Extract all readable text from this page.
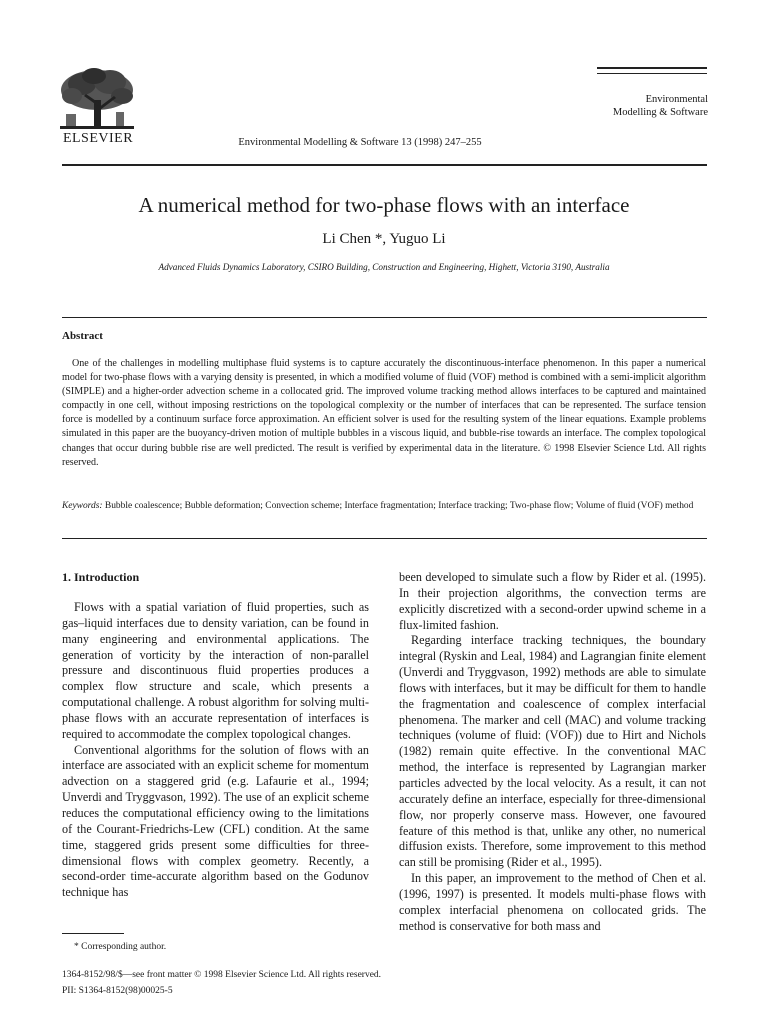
ELSEVIER	Environmental Modelling & Software 13 (1998) 247–255
Environmental
Modelling & Software
A numerical method for two-phase flows with an interface
Li Chen *, Yuguo Li
Advanced Fluids Dynamics Laboratory, CSIRO Building, Construction and Engineering, Highett, Victoria 3190, Australia
Abstract

One of the challenges in modelling multiphase fluid systems is to capture accurately the discontinuous-interface phenomenon. In this paper a numerical model for two-phase flows with a varying density is presented, in which a modified volume of fluid (VOF) method is combined with a semi-implicit algorithm (SIMPLE) and a higher-order advection scheme in a collocated grid. The improved volume tracking method allows interfaces to be captured and maintained compactly in one cell, without imposing restrictions on the topological complexity or the number of interfaces that can be represented. The surface tension force is modelled by a continuum surface force approximation. An efficient solver is used for the resulting system of the linear equations. Example problems simulated in this paper are the buoyancy-driven motion of multiple bubbles in a viscous liquid, and bubble-rise towards an interface. The complex topological changes that occur during bubble rise are well predicted. The result is verified by experimental data in the literature. © 1998 Elsevier Science Ltd. All rights reserved.

Keywords: Bubble coalescence; Bubble deformation; Convection scheme; Interface fragmentation; Interface tracking; Two-phase flow; Volume of fluid (VOF) method
1. Introduction

Flows with a spatial variation of fluid properties, such as gas–liquid interfaces due to density variation, can be found in many engineering and environmental applications. The generation of vorticity by the interaction of non-parallel pressure and discontinuous fluid properties produces a complex flow structure and scale, which presents a computational challenge. A robust algorithm for solving multi-phase flows with an accurate representation of interfaces is required to accommodate the complex topological changes.

Conventional algorithms for the solution of flows with an interface are associated with an explicit scheme for momentum advection on a staggered grid (e.g. Lafaurie et al., 1994; Unverdi and Tryggvason, 1992). The use of an explicit scheme reduces the computational efficiency owing to the limitations of the Courant-Friedrichs-Lew (CFL) condition. At the same time, staggered grids present some difficulties for three-dimensional flows with complex geometry. Recently, a second-order time-accurate algorithm based on the Godunov technique has

been developed to simulate such a flow by Rider et al. (1995). In their projection algorithms, the convection terms are explicitly discretized with a second-order upwind scheme in a flux-limited fashion.

Regarding interface tracking techniques, the boundary integral (Ryskin and Leal, 1984) and Lagrangian finite element (Unverdi and Tryggvason, 1992) methods are able to simulate flows with interfaces, but it may be difficult for them to handle the fragmentation and coalescence of complex interfacial phenomena. The marker and cell (MAC) and volume tracking techniques (volume of fluid: (VOF)) due to Hirt and Nichols (1982) remain quite effective. In the conventional MAC method, the interface is represented by Lagrangian marker particles advected by the local velocity. As a result, it can not accurately define an interface, especially for three-dimensional flow, nor properly conserve mass. However, one favoured feature of this method is that, unlike any other, no numerical diffusion exists. Therefore, some improvement to this method can still be promising (Rider et al., 1995).

In this paper, an improvement to the method of Chen et al. (1996, 1997) is presented. It models multi-phase flows with complex interfacial phenomena on collocated grids. The method is conservative for both mass and

* Corresponding author.
1364-8152/98/$—see front matter © 1998 Elsevier Science Ltd. All rights reserved.
PII: S1364-8152(98)00025-5
